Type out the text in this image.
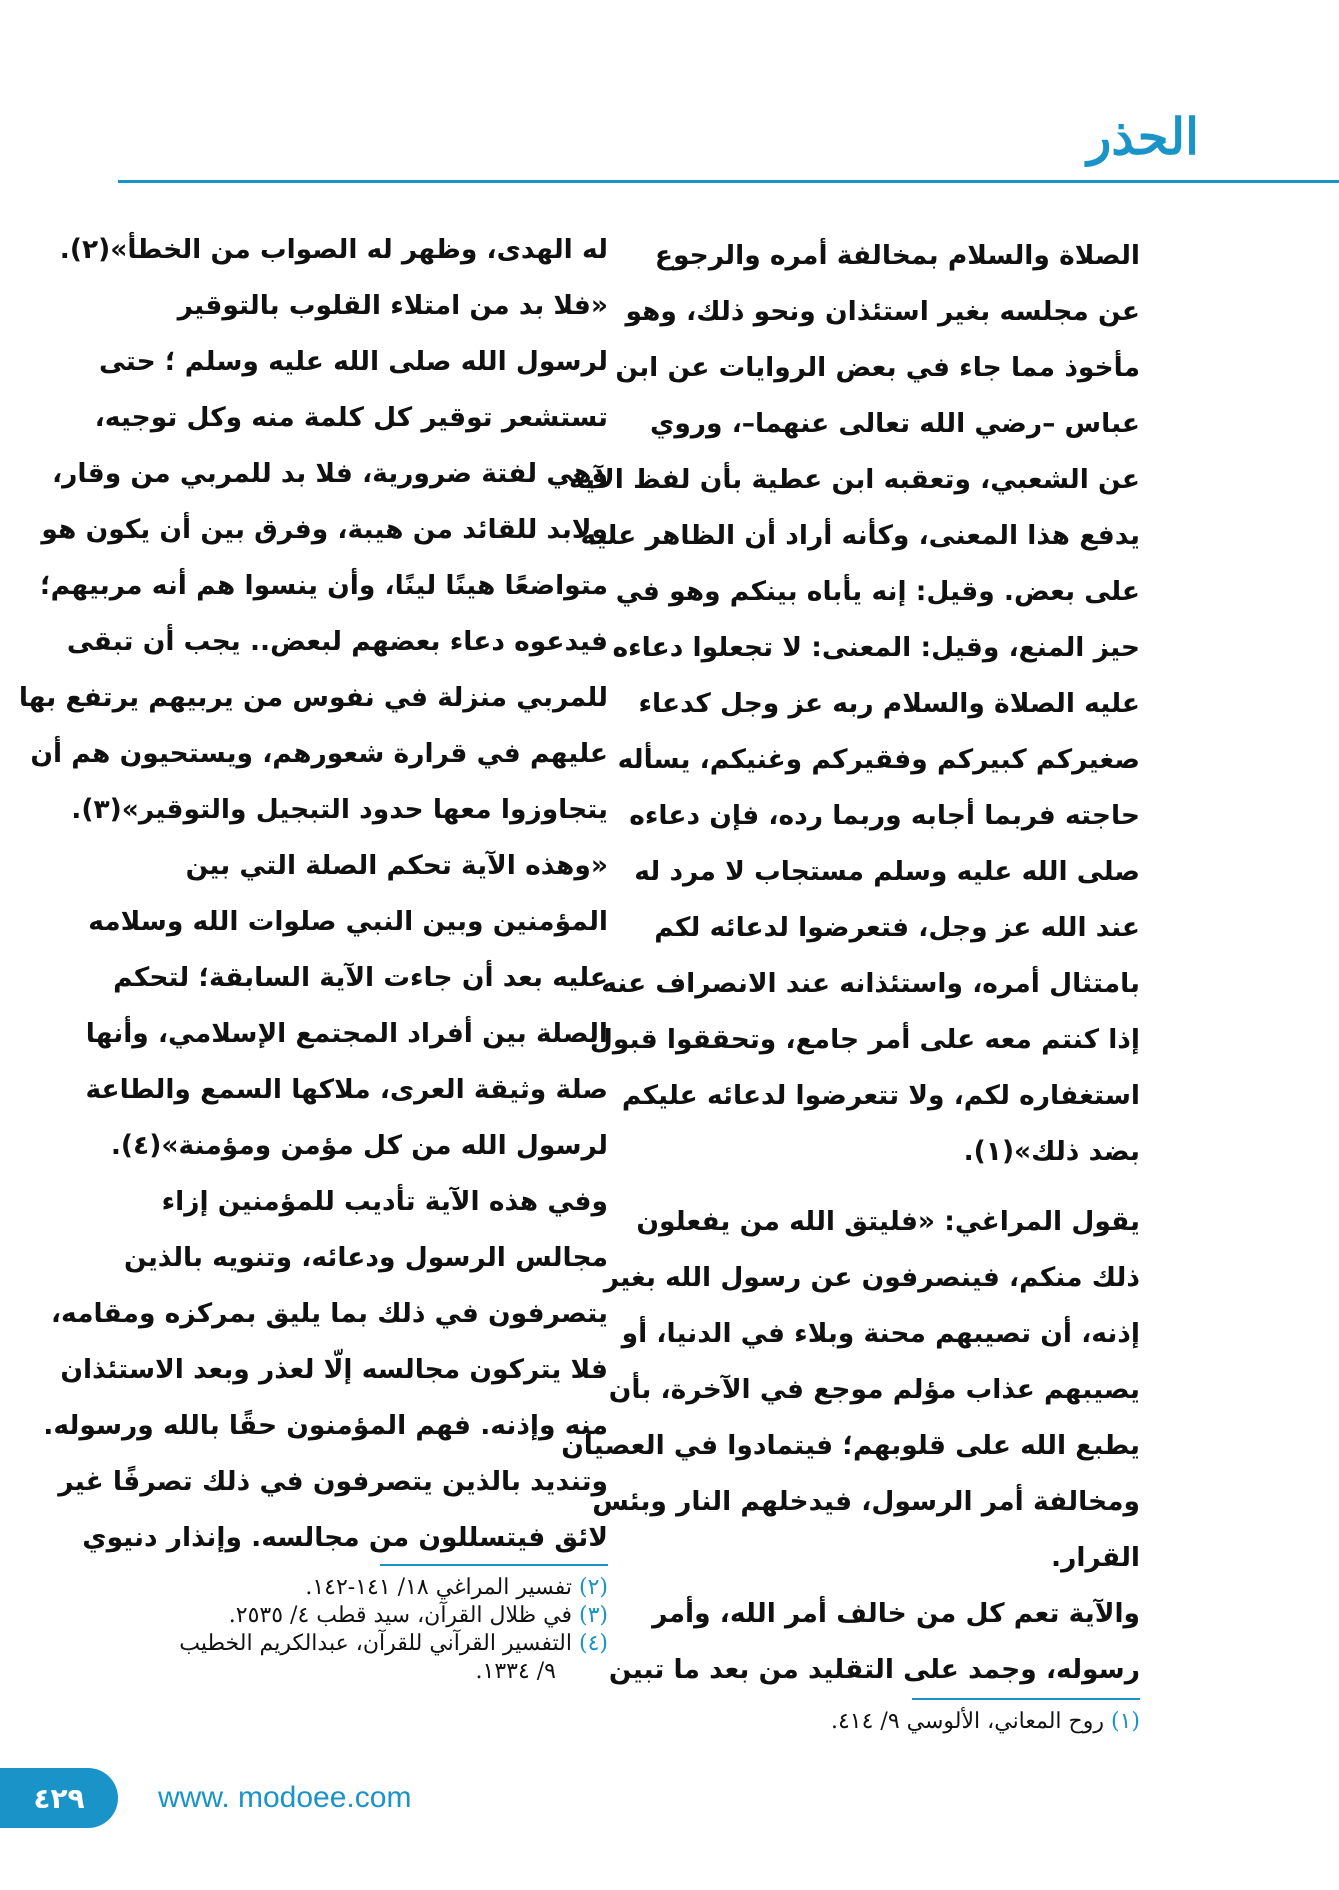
الحذر
الصلاة والسلام بمخالفة أمره والرجوع
عن مجلسه بغير استئذان ونحو ذلك، وهو
مأخوذ مما جاء في بعض الروايات عن ابن
عباس –رضي الله تعالى عنهما–، وروي
عن الشعبي، وتعقبه ابن عطية بأن لفظ الآية
يدفع هذا المعنى، وكأنه أراد أن الظاهر عليه
على بعض. وقيل: إنه يأباه بينكم وهو في
حيز المنع، وقيل: المعنى: لا تجعلوا دعاءه
عليه الصلاة والسلام ربه عز وجل كدعاء
صغيركم كبيركم وفقيركم وغنيكم، يسأله
حاجته فربما أجابه وربما رده، فإن دعاءه
صلى الله عليه وسلم مستجاب لا مرد له
عند الله عز وجل، فتعرضوا لدعائه لكم
بامتثال أمره، واستئذانه عند الانصراف عنه
إذا كنتم معه على أمر جامع، وتحققوا قبول
استغفاره لكم، ولا تتعرضوا لدعائه عليكم
بضد ذلك»(١).
يقول المراغي: «فليتق الله من يفعلون
ذلك منكم، فينصرفون عن رسول الله بغير
إذنه، أن تصيبهم محنة وبلاء في الدنيا، أو
يصيبهم عذاب مؤلم موجع في الآخرة، بأن
يطبع الله على قلوبهم؛ فيتمادوا في العصيان
ومخالفة أمر الرسول، فيدخلهم النار وبئس
القرار.
والآية تعم كل من خالف أمر الله، وأمر
رسوله، وجمد على التقليد من بعد ما تبين
له الهدى، وظهر له الصواب من الخطأ»(٢).
«فلا بد من امتلاء القلوب بالتوقير
لرسول الله صلى الله عليه وسلم ؛ حتى
تستشعر توقير كل كلمة منه وكل توجيه،
وهي لفتة ضرورية، فلا بد للمربي من وقار،
ولابد للقائد من هيبة، وفرق بين أن يكون هو
متواضعًا هينًا لينًا، وأن ينسوا هم أنه مربيهم؛
فيدعوه دعاء بعضهم لبعض.. يجب أن تبقى
للمربي منزلة في نفوس من يربيهم يرتفع بها
عليهم في قرارة شعورهم، ويستحيون هم أن
يتجاوزوا معها حدود التبجيل والتوقير»(٣).
«وهذه الآية تحكم الصلة التي بين
المؤمنين وبين النبي صلوات الله وسلامه
عليه بعد أن جاءت الآية السابقة؛ لتحكم
الصلة بين أفراد المجتمع الإسلامي، وأنها
صلة وثيقة العرى، ملاكها السمع والطاعة
لرسول الله من كل مؤمن ومؤمنة»(٤).
وفي هذه الآية تأديب للمؤمنين إزاء
مجالس الرسول ودعائه، وتنويه بالذين
يتصرفون في ذلك بما يليق بمركزه ومقامه،
فلا يتركون مجالسه إلّا لعذر وبعد الاستئذان
منه وإذنه. فهم المؤمنون حقًا بالله ورسوله.
وتنديد بالذين يتصرفون في ذلك تصرفًا غير
لائق فيتسللون من مجالسه. وإنذار دنيوي
(١) روح المعاني، الألوسي ٩/ ٤١٤.
(٢) تفسير المراغي ١٨/ ١٤١-١٤٢.
(٣) في ظلال القرآن، سيد قطب ٤/ ٢٥٣٥.
(٤) التفسير القرآني للقرآن، عبدالكريم الخطيب
٩/ ١٣٣٤.
٤٢٩	www. modoee.com
